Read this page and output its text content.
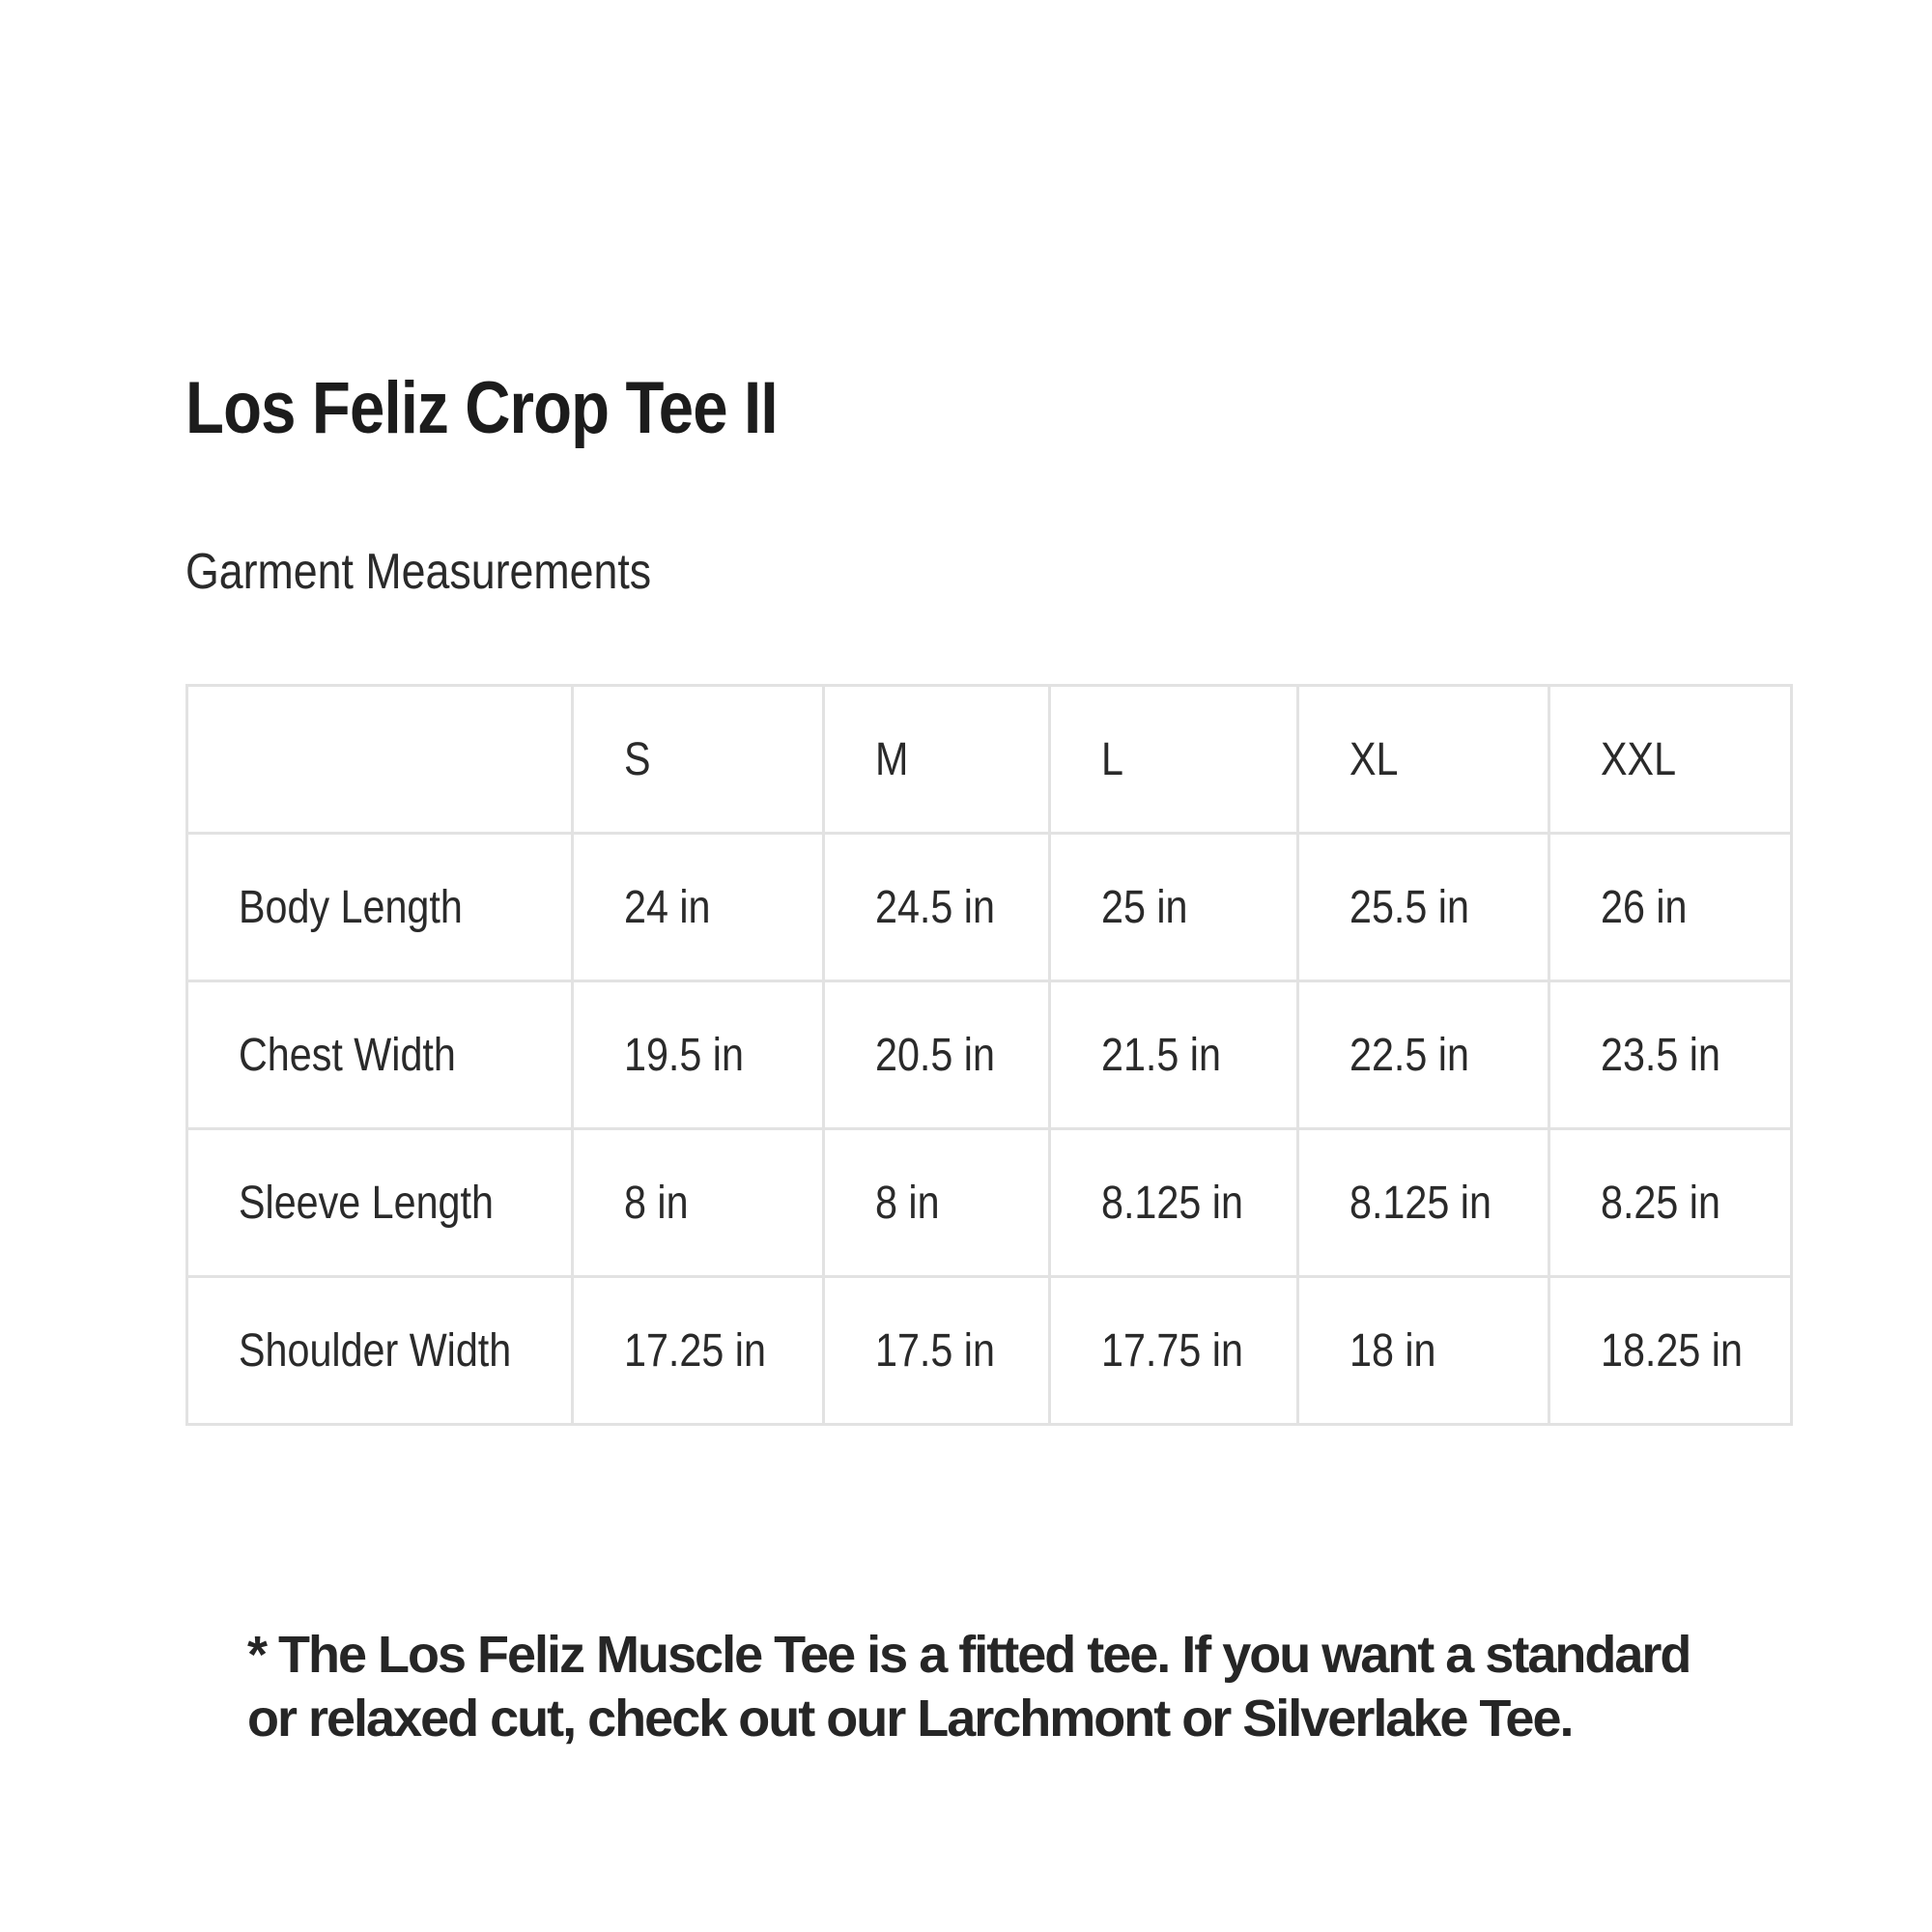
Los Feliz Crop Tee II
Garment Measurements
	S	M	L	XL	XXL
Body Length	24 in	24.5 in	25 in	25.5 in	26 in
Chest Width	19.5 in	20.5 in	21.5 in	22.5 in	23.5 in
Sleeve Length	8 in	8 in	8.125 in	8.125 in	8.25 in
Shoulder Width	17.25 in	17.5 in	17.75 in	18 in	18.25 in

* The Los Feliz Muscle Tee is a fitted tee. If you want a standard
or relaxed cut, check out our Larchmont or Silverlake Tee.
